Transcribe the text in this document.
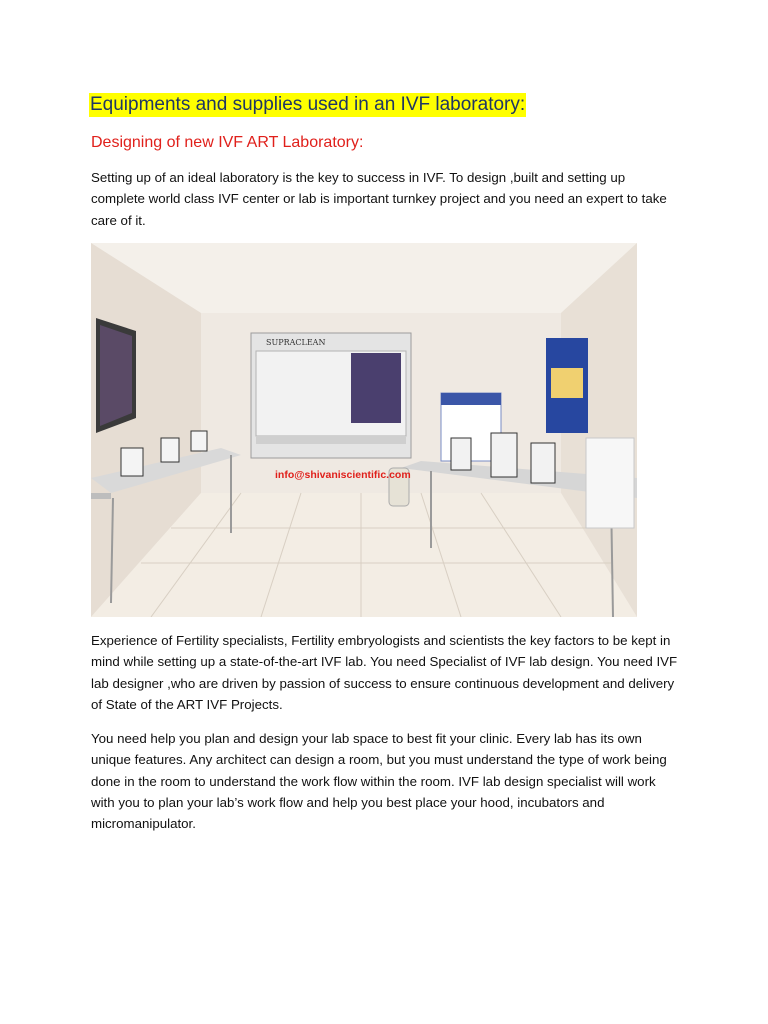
Equipments and supplies used in an IVF laboratory:
Designing of new IVF ART Laboratory:
Setting up of an ideal laboratory is the key to success in IVF. To design ,built and setting up complete world class IVF center or lab is important turnkey project and you need an expert to take care of it.
SUPRACLEAN
info@shivaniscientific.com
Experience of Fertility specialists, Fertility embryologists and scientists the key factors to be kept in mind while setting up a state-of-the-art IVF lab. You need Specialist of IVF lab design. You need IVF lab designer ,who are driven by passion of success to ensure continuous development and delivery of State of the ART IVF Projects.
You need help you plan and design your lab space to best fit your clinic. Every lab has its own unique features. Any architect can design a room, but you must understand the type of work being done in the room to understand the work flow within the room. IVF lab design specialist will work with you to plan your lab’s work flow and help you best place your hood, incubators and micromanipulator.
